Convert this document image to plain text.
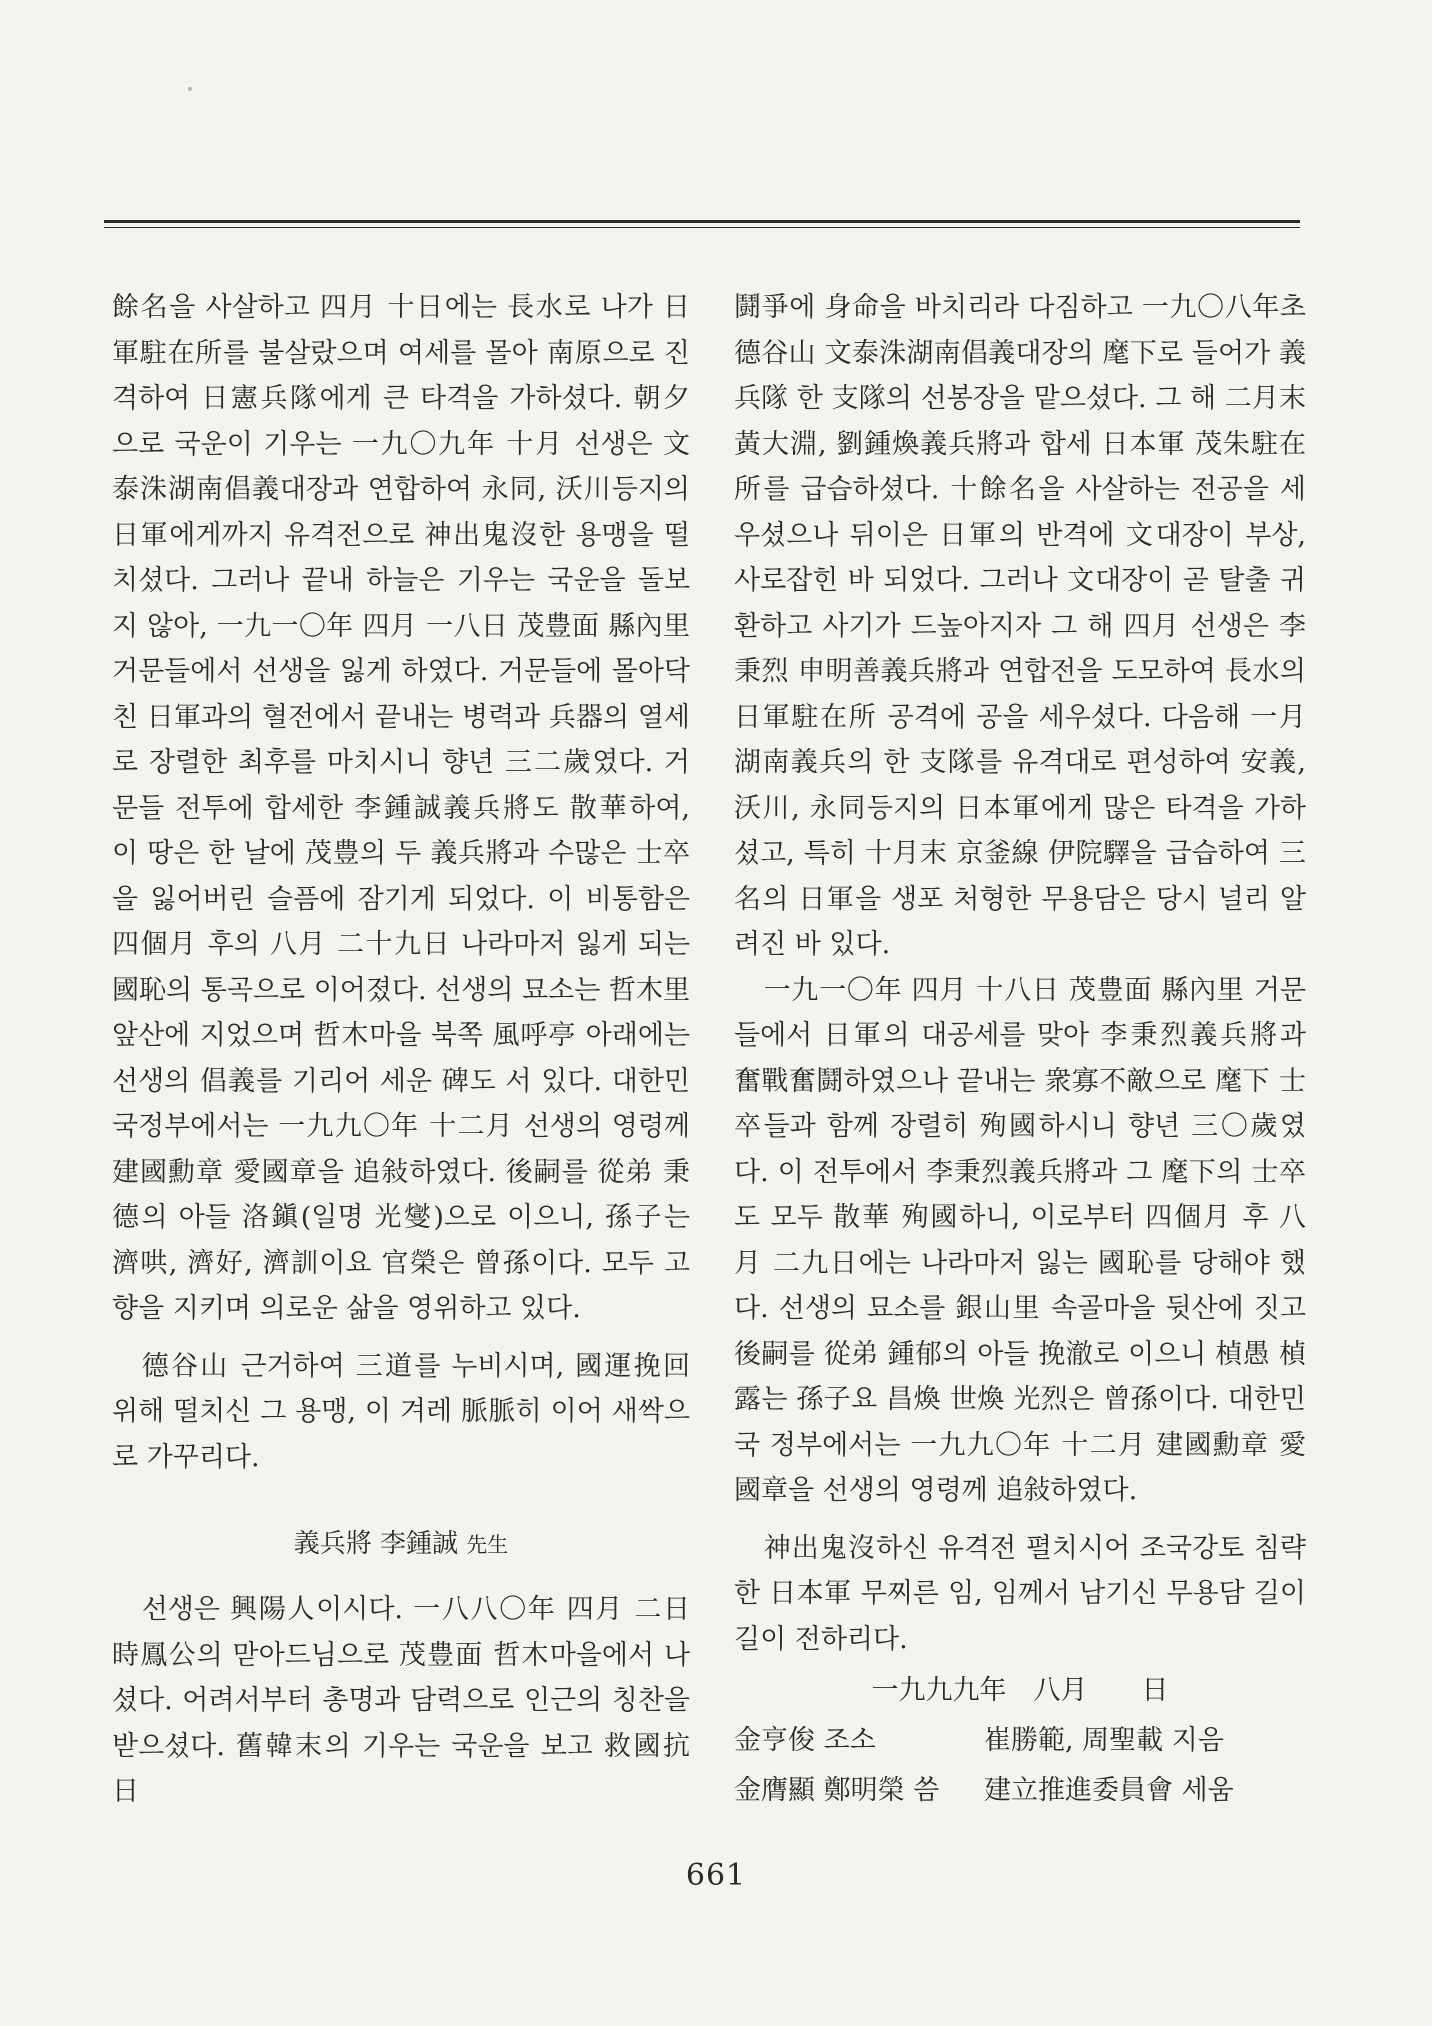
餘名을 사살하고 四月 十日에는 長水로 나가 日軍駐在所를 불살랐으며 여세를 몰아 南原으로 진격하여 日憲兵隊에게 큰 타격을 가하셨다. 朝夕으로 국운이 기우는 一九〇九年 十月 선생은 文泰洙湖南倡義대장과 연합하여 永同, 沃川등지의 日軍에게까지 유격전으로 神出鬼沒한 용맹을 떨치셨다. 그러나 끝내 하늘은 기우는 국운을 돌보지 않아, 一九一〇年 四月 一八日 茂豊面 縣內里 거문들에서 선생을 잃게 하였다. 거문들에 몰아닥친 日軍과의 혈전에서 끝내는 병력과 兵器의 열세로 장렬한 최후를 마치시니 향년 三二歲였다. 거문들 전투에 합세한 李鍾誠義兵將도 散華하여, 이 땅은 한 날에 茂豊의 두 義兵將과 수많은 士卒을 잃어버린 슬픔에 잠기게 되었다. 이 비통함은 四個月 후의 八月 二十九日 나라마저 잃게 되는 國恥의 통곡으로 이어졌다. 선생의 묘소는 哲木里 앞산에 지었으며 哲木마을 북쪽 風呼亭 아래에는 선생의 倡義를 기리어 세운 碑도 서 있다. 대한민국정부에서는 一九九〇年 十二月 선생의 영령께 建國勳章 愛國章을 追敍하였다. 後嗣를 從弟 秉德의 아들 洛鎭(일명 光燮)으로 이으니, 孫子는 濟哄, 濟好, 濟訓이요 官榮은 曾孫이다. 모두 고향을 지키며 의로운 삶을 영위하고 있다.

德谷山 근거하여 三道를 누비시며, 國運挽回 위해 떨치신 그 용맹, 이 겨레 脈脈히 이어 새싹으로 가꾸리다.

義兵將 李鍾誠 先生

선생은 興陽人이시다. 一八八〇年 四月 二日 時鳳公의 맏아드님으로 茂豊面 哲木마을에서 나셨다. 어려서부터 총명과 담력으로 인근의 칭찬을 받으셨다. 舊韓末의 기우는 국운을 보고 救國抗日

鬪爭에 身命을 바치리라 다짐하고 一九〇八年초 德谷山 文泰洙湖南倡義대장의 麾下로 들어가 義兵隊 한 支隊의 선봉장을 맡으셨다. 그 해 二月末 黃大淵, 劉鍾煥義兵將과 합세 日本軍 茂朱駐在所를 급습하셨다. 十餘名을 사살하는 전공을 세우셨으나 뒤이은 日軍의 반격에 文대장이 부상, 사로잡힌 바 되었다. 그러나 文대장이 곧 탈출 귀환하고 사기가 드높아지자 그 해 四月 선생은 李秉烈 申明善義兵將과 연합전을 도모하여 長水의 日軍駐在所 공격에 공을 세우셨다. 다음해 一月 湖南義兵의 한 支隊를 유격대로 편성하여 安義, 沃川, 永同등지의 日本軍에게 많은 타격을 가하셨고, 특히 十月末 京釜線 伊院驛을 급습하여 三名의 日軍을 생포 처형한 무용담은 당시 널리 알려진 바 있다.

一九一〇年 四月 十八日 茂豊面 縣內里 거문들에서 日軍의 대공세를 맞아 李秉烈義兵將과 奮戰奮鬪하였으나 끝내는 衆寡不敵으로 麾下 士卒들과 함께 장렬히 殉國하시니 향년 三〇歲였다. 이 전투에서 李秉烈義兵將과 그 麾下의 士卒도 모두 散華 殉國하니, 이로부터 四個月 후 八月 二九日에는 나라마저 잃는 國恥를 당해야 했다. 선생의 묘소를 銀山里 속골마을 뒷산에 짓고 後嗣를 從弟 鍾郁의 아들 挽澈로 이으니 楨愚 楨露는 孫子요 昌煥 世煥 光烈은 曾孫이다. 대한민국 정부에서는 一九九〇年 十二月 建國勳章 愛國章을 선생의 영령께 追敍하였다.

神出鬼沒하신 유격전 펼치시어 조국강토 침략한 日本軍 무찌른 임, 임께서 남기신 무용담 길이길이 전하리다.

一九九九年　八月　　日
金亨俊 조소	崔勝範, 周聖載 지음
金膺顯 鄭明榮 씀	建立推進委員會 세움
661
